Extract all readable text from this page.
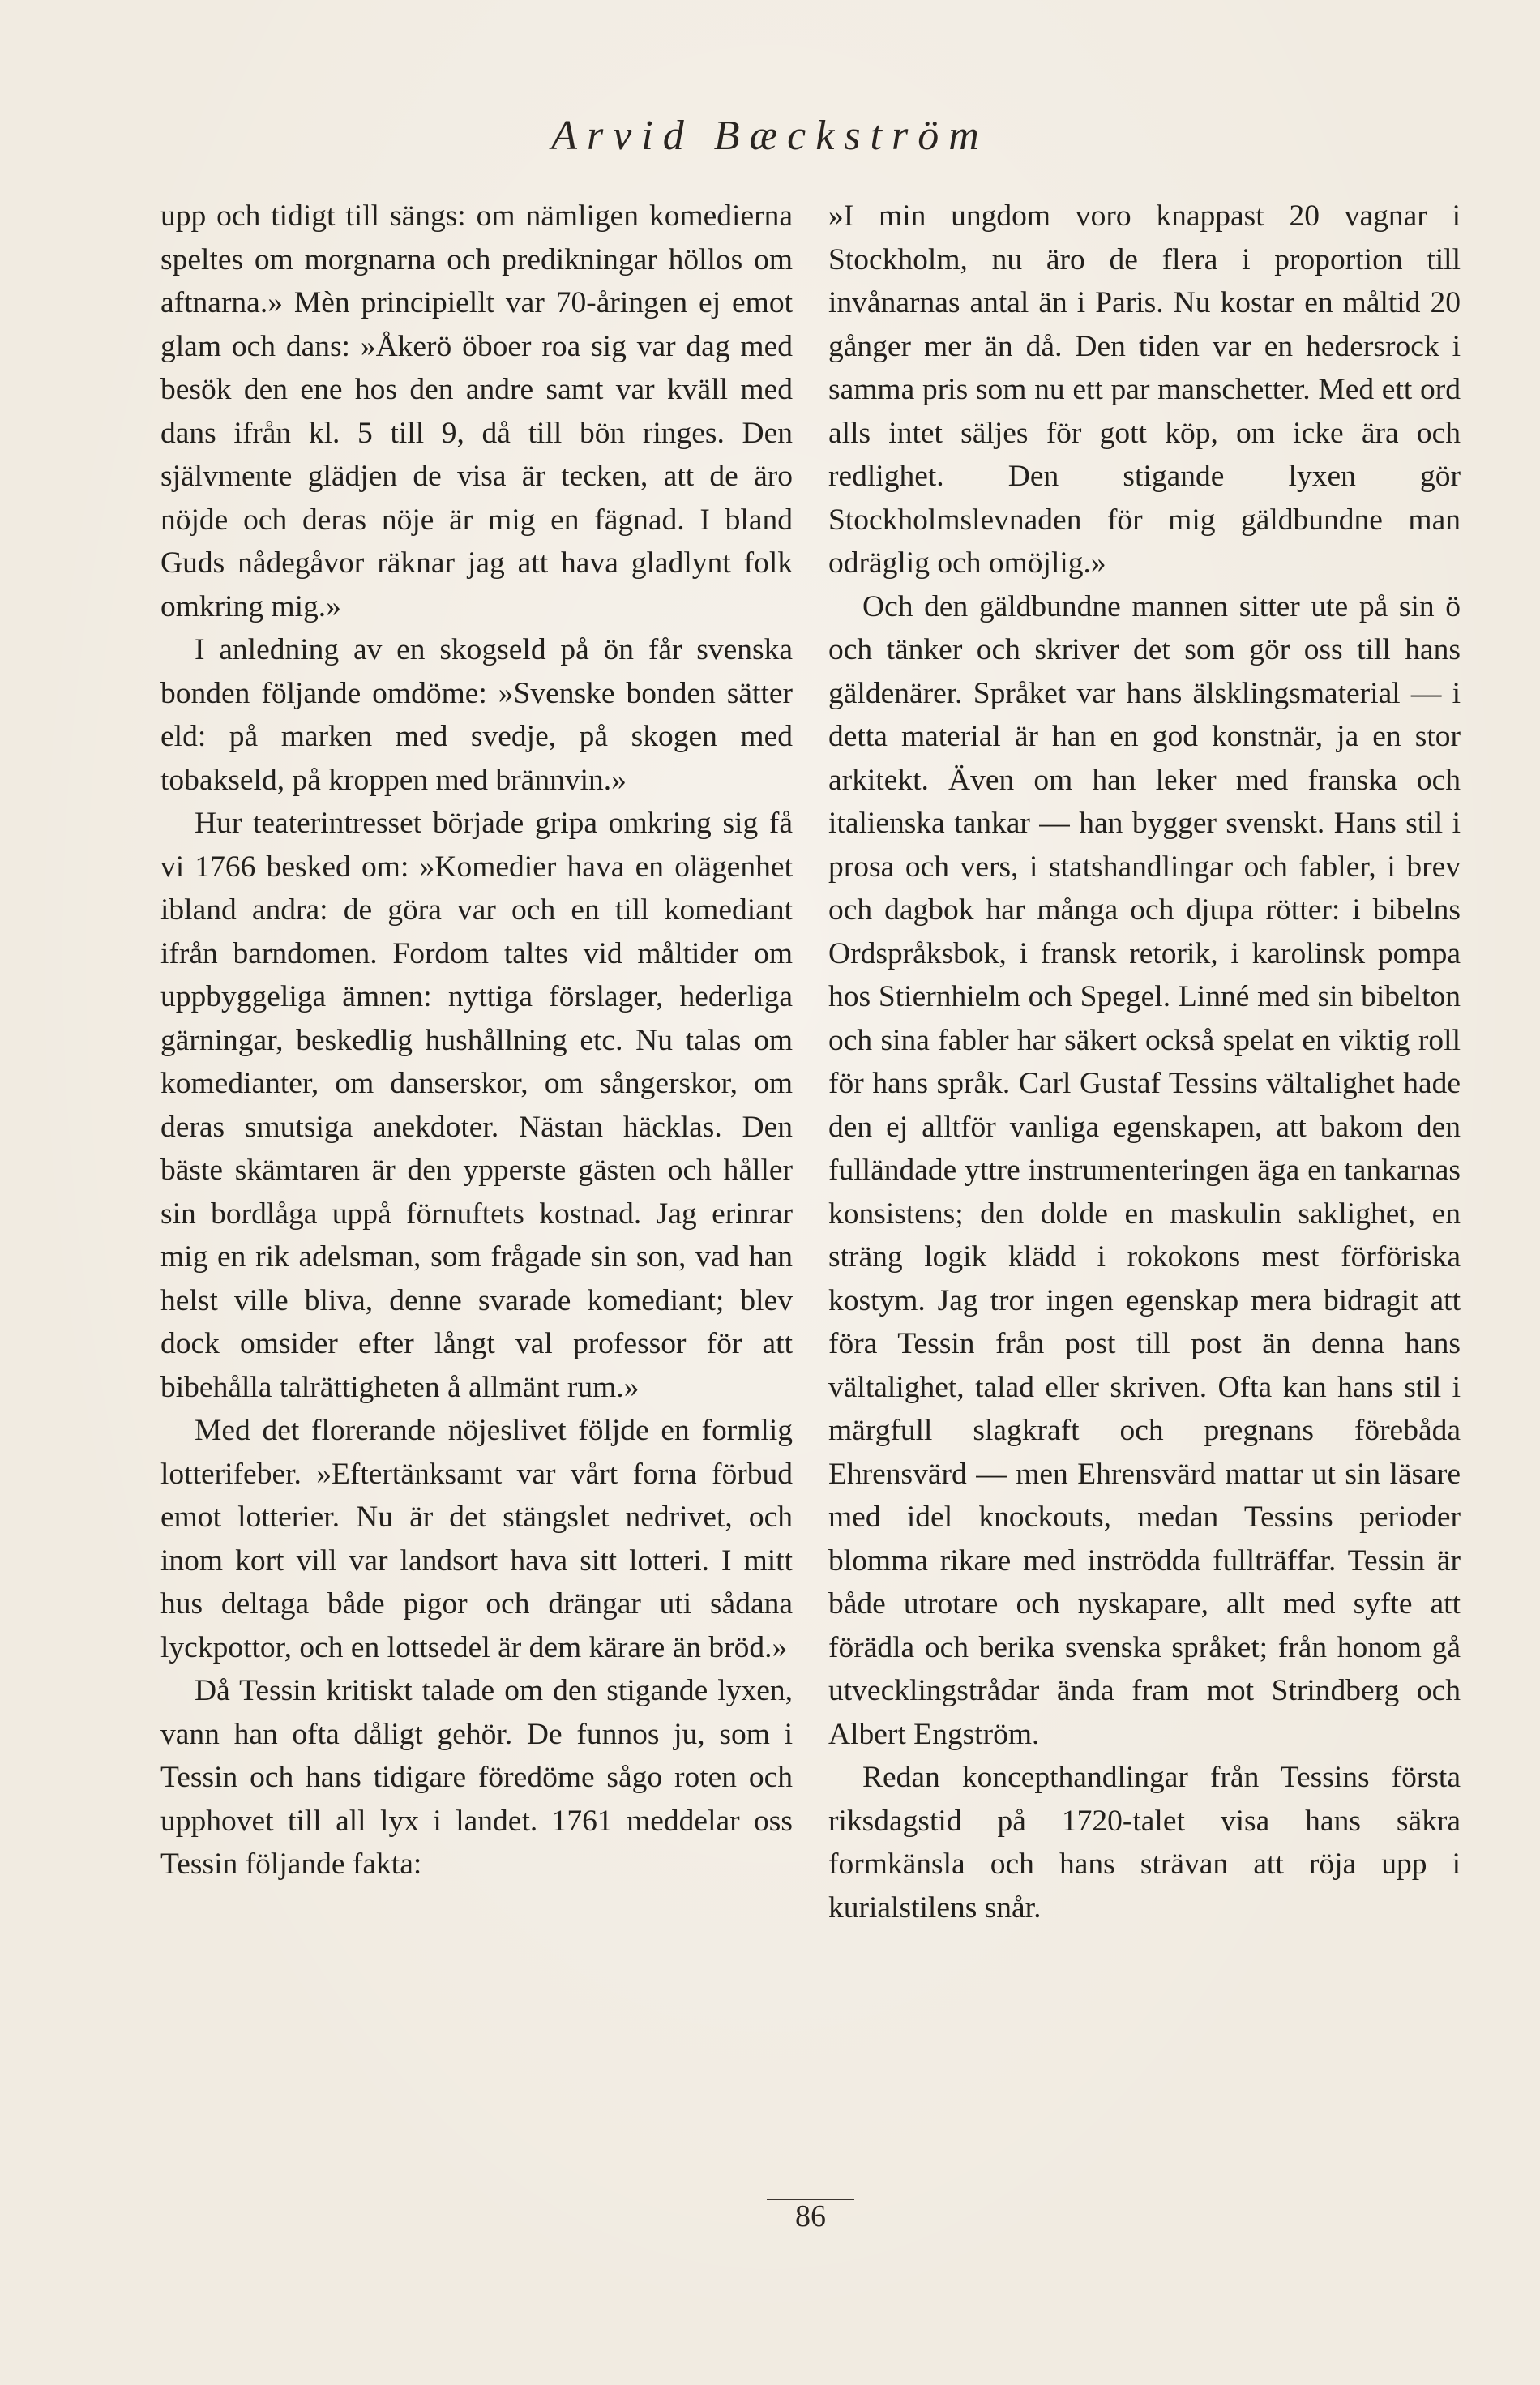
Arvid Bæckström

upp och tidigt till sängs: om nämligen komedierna speltes om morgnarna och predikningar höllos om aftnarna.» Mèn principiellt var 70-åringen ej emot glam och dans: »Åkerö öboer roa sig var dag med besök den ene hos den andre samt var kväll med dans ifrån kl. 5 till 9, då till bön ringes. Den självmente glädjen de visa är tecken, att de äro nöjde och deras nöje är mig en fägnad. I bland Guds nådegåvor räknar jag att hava gladlynt folk omkring mig.»

I anledning av en skogseld på ön får svenska bonden följande omdöme: »Svenske bonden sätter eld: på marken med svedje, på skogen med tobakseld, på kroppen med brännvin.»

Hur teaterintresset började gripa omkring sig få vi 1766 besked om: »Komedier hava en olägenhet ibland andra: de göra var och en till komediant ifrån barndomen. Fordom taltes vid måltider om uppbyggeliga ämnen: nyttiga förslager, hederliga gärningar, beskedlig hushållning etc. Nu talas om komedianter, om danserskor, om sångerskor, om deras smutsiga anekdoter. Nästan häcklas. Den bäste skämtaren är den ypperste gästen och håller sin bordlåga uppå förnuftets kostnad. Jag erinrar mig en rik adelsman, som frågade sin son, vad han helst ville bliva, denne svarade komediant; blev dock omsider efter långt val professor för att bibehålla talrättigheten å allmänt rum.»

Med det florerande nöjeslivet följde en formlig lotterifeber. »Eftertänksamt var vårt forna förbud emot lotterier. Nu är det stängslet nedrivet, och inom kort vill var landsort hava sitt lotteri. I mitt hus deltaga både pigor och drängar uti sådana lyckpottor, och en lottsedel är dem kärare än bröd.»

Då Tessin kritiskt talade om den stigande lyxen, vann han ofta dåligt gehör. De funnos ju, som i Tessin och hans tidigare föredöme sågo roten och upphovet till all lyx i landet. 1761 meddelar oss Tessin följande fakta:

»I min ungdom voro knappast 20 vagnar i Stockholm, nu äro de flera i proportion till invånarnas antal än i Paris. Nu kostar en måltid 20 gånger mer än då. Den tiden var en hedersrock i samma pris som nu ett par manschetter. Med ett ord alls intet säljes för gott köp, om icke ära och redlighet. Den stigande lyxen gör Stockholmslevnaden för mig gäldbundne man odräglig och omöjlig.»

Och den gäldbundne mannen sitter ute på sin ö och tänker och skriver det som gör oss till hans gäldenärer. Språket var hans älsklingsmaterial — i detta material är han en god konstnär, ja en stor arkitekt. Även om han leker med franska och italienska tankar — han bygger svenskt. Hans stil i prosa och vers, i statshandlingar och fabler, i brev och dagbok har många och djupa rötter: i bibelns Ordspråksbok, i fransk retorik, i karolinsk pompa hos Stiernhielm och Spegel. Linné med sin bibelton och sina fabler har säkert också spelat en viktig roll för hans språk. Carl Gustaf Tessins vältalighet hade den ej alltför vanliga egenskapen, att bakom den fulländade yttre instrumenteringen äga en tankarnas konsistens; den dolde en maskulin saklighet, en sträng logik klädd i rokokons mest förföriska kostym. Jag tror ingen egenskap mera bidragit att föra Tessin från post till post än denna hans vältalighet, talad eller skriven. Ofta kan hans stil i märgfull slagkraft och pregnans förebåda Ehrensvärd — men Ehrensvärd mattar ut sin läsare med idel knockouts, medan Tessins perioder blomma rikare med inströdda fullträffar. Tessin är både utrotare och nyskapare, allt med syfte att förädla och berika svenska språket; från honom gå utvecklingstrådar ända fram mot Strindberg och Albert Engström.

Redan koncepthandlingar från Tessins första riksdagstid på 1720-talet visa hans säkra formkänsla och hans strävan att röja upp i kurialstilens snår.

86
